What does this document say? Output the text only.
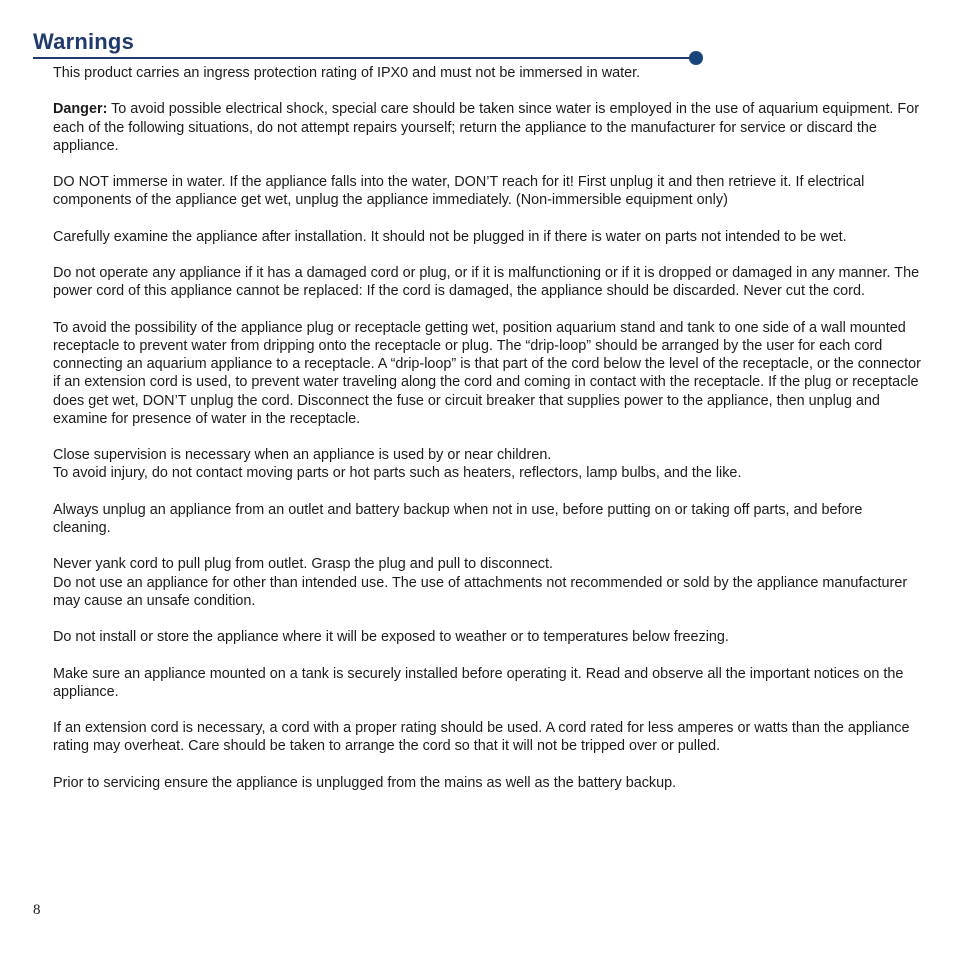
Warnings

This product carries an ingress protection rating of IPX0 and must not be immersed in water.

Danger: To avoid possible electrical shock, special care should be taken since water is employed in the use of aquarium equipment. For each of the following situations, do not attempt repairs yourself; return the appliance to the manufacturer for service or discard the appliance.

DO NOT immerse in water. If the appliance falls into the water, DON’T reach for it! First unplug it and then retrieve it. If electrical components of the appliance get wet, unplug the appliance immediately. (Non-immersible equipment only)

Carefully examine the appliance after installation. It should not be plugged in if there is water on parts not intended to be wet.

Do not operate any appliance if it has a damaged cord or plug, or if it is malfunctioning or if it is dropped or damaged in any manner. The power cord of this appliance cannot be replaced: If the cord is damaged, the appliance should be discarded. Never cut the cord.

To avoid the possibility of the appliance plug or receptacle getting wet, position aquarium stand and tank to one side of a wall mounted receptacle to prevent water from dripping onto the receptacle or plug. The “drip-loop” should be arranged by the user for each cord connecting an aquarium appliance to a receptacle. A “drip-loop” is that part of the cord below the level of the receptacle, or the connector if an extension cord is used, to prevent water traveling along the cord and coming in contact with the receptacle. If the plug or receptacle does get wet, DON’T unplug the cord. Disconnect the fuse or circuit breaker that supplies power to the appliance, then unplug and examine for presence of water in the receptacle.

Close supervision is necessary when an appliance is used by or near children.

To avoid injury, do not contact moving parts or hot parts such as heaters, reflectors, lamp bulbs, and the like.

Always unplug an appliance from an outlet and battery backup when not in use, before putting on or taking off parts, and before cleaning.

Never yank cord to pull plug from outlet. Grasp the plug and pull to disconnect.

Do not use an appliance for other than intended use. The use of attachments not recommended or sold by the appliance manufacturer may cause an unsafe condition.

Do not install or store the appliance where it will be exposed to weather or to temperatures below freezing.

Make sure an appliance mounted on a tank is securely installed before operating it. Read and observe all the important notices on the appliance.

If an extension cord is necessary, a cord with a proper rating should be used. A cord rated for less amperes or watts than the appliance rating may overheat. Care should be taken to arrange the cord so that it will not be tripped over or pulled.

Prior to servicing ensure the appliance is unplugged from the mains as well as the battery backup.

8
